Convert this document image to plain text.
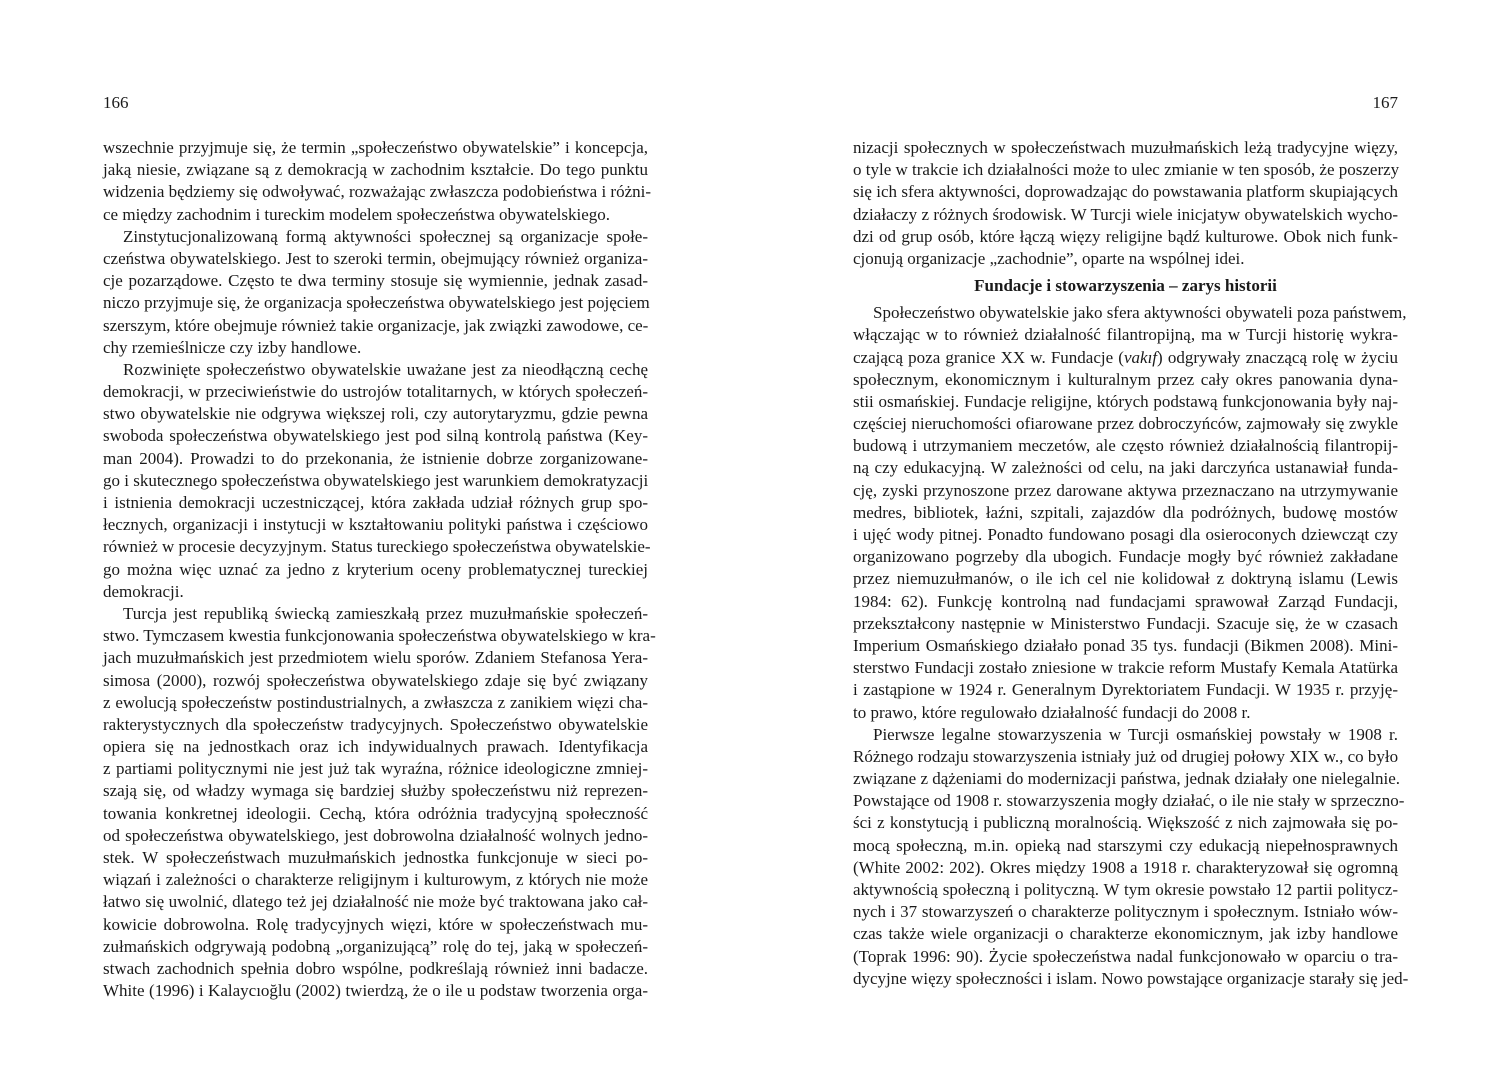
166
wszechnie przyjmuje się, że termin „społeczeństwo obywatelskie” i koncepcja,
jaką niesie, związane są z demokracją w zachodnim kształcie. Do tego punktu
widzenia będziemy się odwoływać, rozważając zwłaszcza podobieństwa i różni-
ce między zachodnim i tureckim modelem społeczeństwa obywatelskiego.
Zinstytucjonalizowaną formą aktywności społecznej są organizacje społe-
czeństwa obywatelskiego. Jest to szeroki termin, obejmujący również organiza-
cje pozarządowe. Często te dwa terminy stosuje się wymiennie, jednak zasad-
niczo przyjmuje się, że organizacja społeczeństwa obywatelskiego jest pojęciem
szerszym, które obejmuje również takie organizacje, jak związki zawodowe, ce-
chy rzemieślnicze czy izby handlowe.
Rozwinięte społeczeństwo obywatelskie uważane jest za nieodłączną cechę
demokracji, w przeciwieństwie do ustrojów totalitarnych, w których społeczeń-
stwo obywatelskie nie odgrywa większej roli, czy autorytaryzmu, gdzie pewna
swoboda społeczeństwa obywatelskiego jest pod silną kontrolą państwa (Key-
man 2004). Prowadzi to do przekonania, że istnienie dobrze zorganizowane-
go i skutecznego społeczeństwa obywatelskiego jest warunkiem demokratyzacji
i istnienia demokracji uczestniczącej, która zakłada udział różnych grup spo-
łecznych, organizacji i instytucji w kształtowaniu polityki państwa i częściowo
również w procesie decyzyjnym. Status tureckiego społeczeństwa obywatelskie-
go można więc uznać za jedno z kryterium oceny problematycznej tureckiej
demokracji.
Turcja jest republiką świecką zamieszkałą przez muzułmańskie społeczeń-
stwo. Tymczasem kwestia funkcjonowania społeczeństwa obywatelskiego w kra-
jach muzułmańskich jest przedmiotem wielu sporów. Zdaniem Stefanosa Yera-
simosa (2000), rozwój społeczeństwa obywatelskiego zdaje się być związany
z ewolucją społeczeństw postindustrialnych, a zwłaszcza z zanikiem więzi cha-
rakterystycznych dla społeczeństw tradycyjnych. Społeczeństwo obywatelskie
opiera się na jednostkach oraz ich indywidualnych prawach. Identyfikacja
z partiami politycznymi nie jest już tak wyraźna, różnice ideologiczne zmniej-
szają się, od władzy wymaga się bardziej służby społeczeństwu niż reprezen-
towania konkretnej ideologii. Cechą, która odróżnia tradycyjną społeczność
od społeczeństwa obywatelskiego, jest dobrowolna działalność wolnych jedno-
stek. W społeczeństwach muzułmańskich jednostka funkcjonuje w sieci po-
wiązań i zależności o charakterze religijnym i kulturowym, z których nie może
łatwo się uwolnić, dlatego też jej działalność nie może być traktowana jako cał-
kowicie dobrowolna. Rolę tradycyjnych więzi, które w społeczeństwach mu-
zułmańskich odgrywają podobną „organizującą” rolę do tej, jaką w społeczeń-
stwach zachodnich spełnia dobro wspólne, podkreślają również inni badacze.
White (1996) i Kalaycıoğlu (2002) twierdzą, że o ile u podstaw tworzenia orga-
167
nizacji społecznych w społeczeństwach muzułmańskich leżą tradycyjne więzy,
o tyle w trakcie ich działalności może to ulec zmianie w ten sposób, że poszerzy
się ich sfera aktywności, doprowadzając do powstawania platform skupiających
działaczy z różnych środowisk. W Turcji wiele inicjatyw obywatelskich wycho-
dzi od grup osób, które łączą więzy religijne bądź kulturowe. Obok nich funk-
cjonują organizacje „zachodnie”, oparte na wspólnej idei.
Fundacje i stowarzyszenia – zarys historii
Społeczeństwo obywatelskie jako sfera aktywności obywateli poza państwem,
włączając w to również działalność filantropijną, ma w Turcji historię wykra-
czającą poza granice XX w. Fundacje (vakıf) odgrywały znaczącą rolę w życiu
społecznym, ekonomicznym i kulturalnym przez cały okres panowania dyna-
stii osmańskiej. Fundacje religijne, których podstawą funkcjonowania były naj-
częściej nieruchomości ofiarowane przez dobroczyńców, zajmowały się zwykle
budową i utrzymaniem meczetów, ale często również działalnością filantropij-
ną czy edukacyjną. W zależności od celu, na jaki darczyńca ustanawiał funda-
cję, zyski przynoszone przez darowane aktywa przeznaczano na utrzymywanie
medres, bibliotek, łaźni, szpitali, zajazdów dla podróżnych, budowę mostów
i ujęć wody pitnej. Ponadto fundowano posagi dla osieroconych dziewcząt czy
organizowano pogrzeby dla ubogich. Fundacje mogły być również zakładane
przez niemuzułmanów, o ile ich cel nie kolidował z doktryną islamu (Lewis
1984: 62). Funkcję kontrolną nad fundacjami sprawował Zarząd Fundacji,
przekształcony następnie w Ministerstwo Fundacji. Szacuje się, że w czasach
Imperium Osmańskiego działało ponad 35 tys. fundacji (Bikmen 2008). Mini-
sterstwo Fundacji zostało zniesione w trakcie reform Mustafy Kemala Atatürka
i zastąpione w 1924 r. Generalnym Dyrektoriatem Fundacji. W 1935 r. przyję-
to prawo, które regulowało działalność fundacji do 2008 r.
Pierwsze legalne stowarzyszenia w Turcji osmańskiej powstały w 1908 r.
Różnego rodzaju stowarzyszenia istniały już od drugiej połowy XIX w., co było
związane z dążeniami do modernizacji państwa, jednak działały one nielegalnie.
Powstające od 1908 r. stowarzyszenia mogły działać, o ile nie stały w sprzeczno-
ści z konstytucją i publiczną moralnością. Większość z nich zajmowała się po-
mocą społeczną, m.in. opieką nad starszymi czy edukacją niepełnosprawnych
(White 2002: 202). Okres między 1908 a 1918 r. charakteryzował się ogromną
aktywnością społeczną i polityczną. W tym okresie powstało 12 partii politycz-
nych i 37 stowarzyszeń o charakterze politycznym i społecznym. Istniało wów-
czas także wiele organizacji o charakterze ekonomicznym, jak izby handlowe
(Toprak 1996: 90). Życie społeczeństwa nadal funkcjonowało w oparciu o tra-
dycyjne więzy społeczności i islam. Nowo powstające organizacje starały się jed-
